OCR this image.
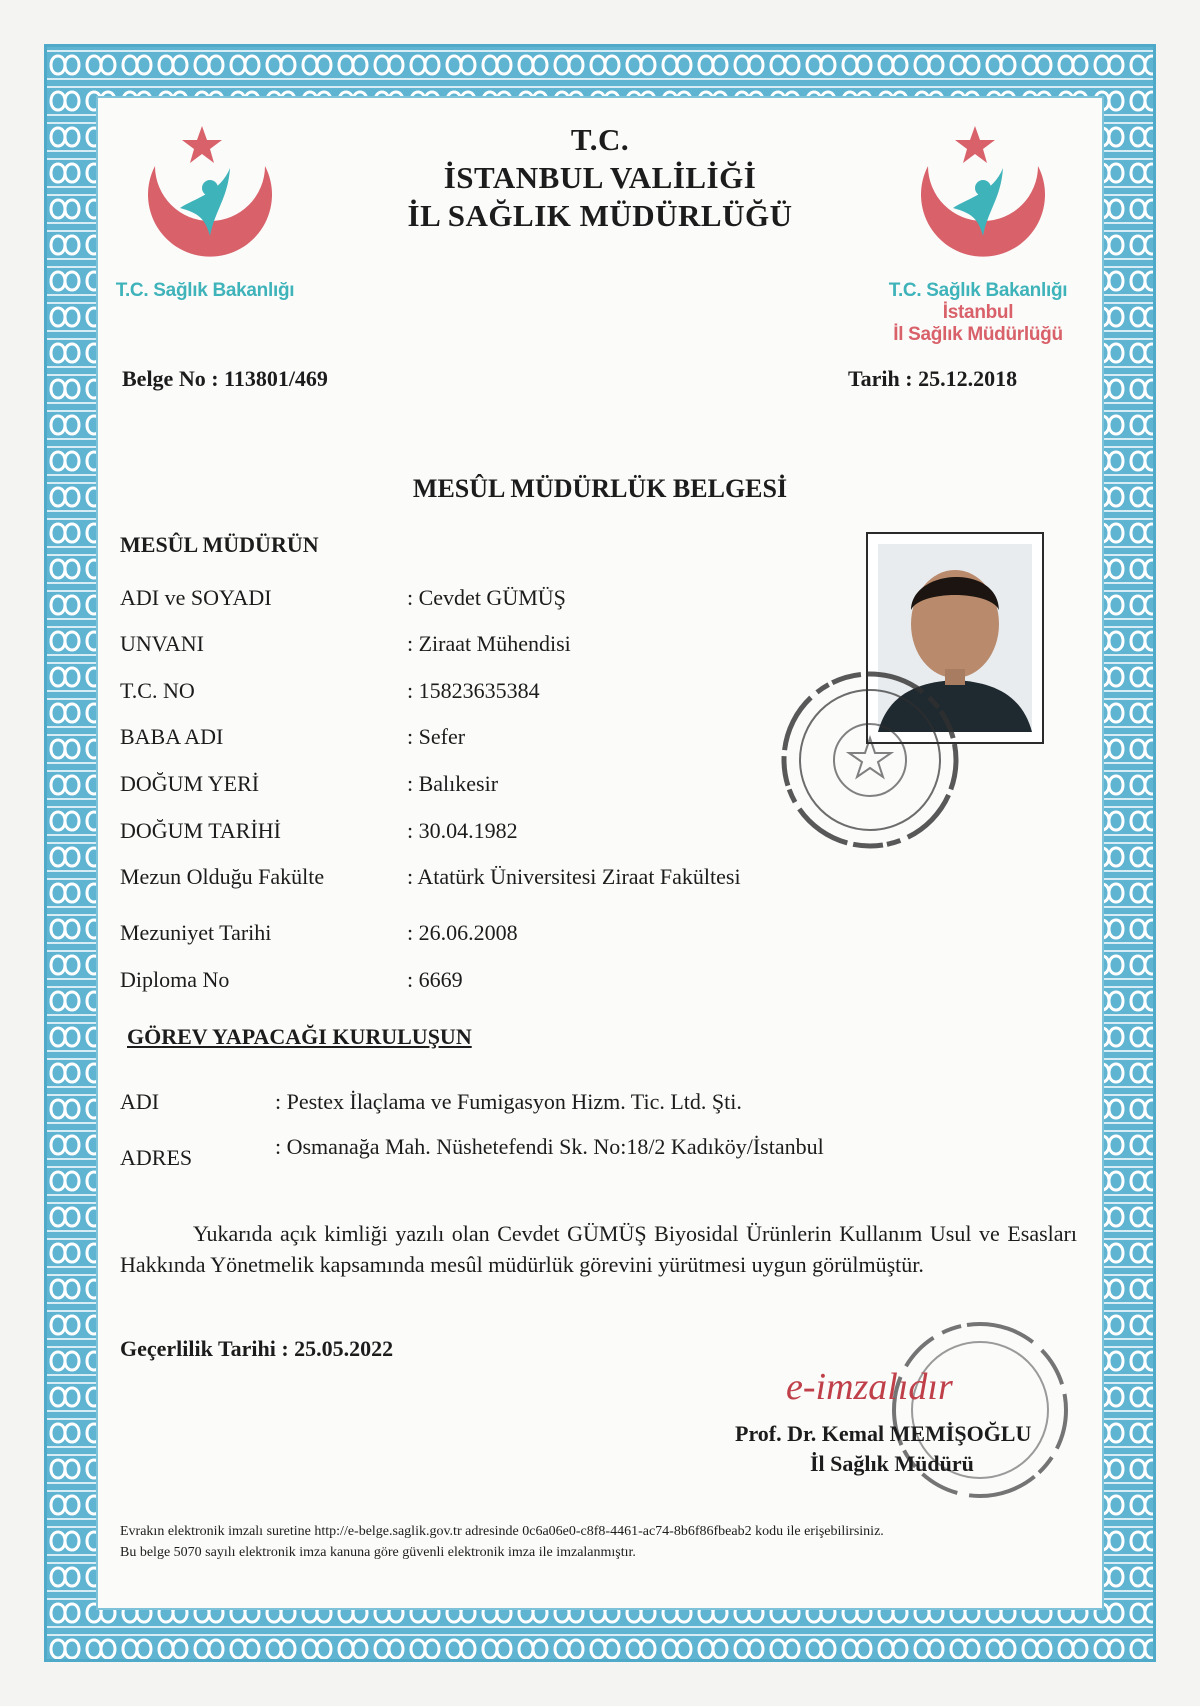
T.C.
İSTANBUL VALİLİĞİ
İL SAĞLIK MÜDÜRLÜĞÜ
T.C. Sağlık Bakanlığı	T.C. Sağlık Bakanlığı
İstanbul
İl Sağlık Müdürlüğü
Belge No : 113801/469	Tarih : 25.12.2018
MESÛL MÜDÜRLÜK BELGESİ
MESÛL MÜDÜRÜN
ADI ve SOYADI	: Cevdet GÜMÜŞ
UNVANI	: Ziraat Mühendisi
T.C. NO	: 15823635384
BABA ADI	: Sefer
DOĞUM YERİ	: Balıkesir
DOĞUM TARİHİ	: 30.04.1982
Mezun Olduğu Fakülte	: Atatürk Üniversitesi Ziraat Fakültesi
Mezuniyet Tarihi	: 26.06.2008
Diploma No	: 6669
GÖREV YAPACAĞI KURULUŞUN
ADI	: Pestex İlaçlama ve Fumigasyon Hizm. Tic. Ltd. Şti.
ADRES	: Osmanağa Mah. Nüshetefendi Sk. No:18/2 Kadıköy/İstanbul
Yukarıda açık kimliği yazılı olan Cevdet GÜMÜŞ Biyosidal Ürünlerin Kullanım Usul ve Esasları Hakkında Yönetmelik kapsamında mesûl müdürlük görevini yürütmesi uygun görülmüştür.
Geçerlilik Tarihi : 25.05.2022
e-imzalıdır
Prof. Dr. Kemal MEMİŞOĞLU
İl Sağlık Müdürü
Evrakın elektronik imzalı suretine http://e-belge.saglik.gov.tr adresinde 0c6a06e0-c8f8-4461-ac74-8b6f86fbeab2 kodu ile erişebilirsiniz.
Bu belge 5070 sayılı elektronik imza kanuna göre güvenli elektronik imza ile imzalanmıştır.
